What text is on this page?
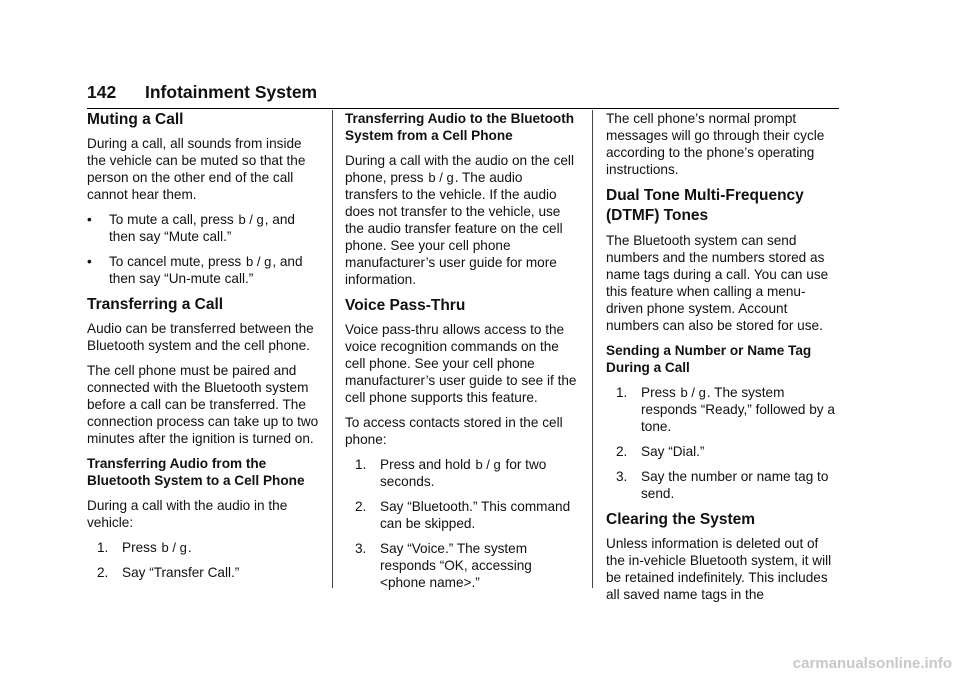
142 Infotainment System
Muting a Call

During a call, all sounds from inside the vehicle can be muted so that the person on the other end of the call cannot hear them.

•	To mute a call, press b / g, and then say “Mute call.”
•	To cancel mute, press b / g, and then say “Un-mute call.”
Transferring a Call

Audio can be transferred between the Bluetooth system and the cell phone.

The cell phone must be paired and connected with the Bluetooth system before a call can be transferred. The connection process can take up to two minutes after the ignition is turned on.

Transferring Audio from the Bluetooth System to a Cell Phone

During a call with the audio in the vehicle:

1.	Press b / g.
2.	Say “Transfer Call.”
Transferring Audio to the Bluetooth System from a Cell Phone

During a call with the audio on the cell phone, press b / g. The audio transfers to the vehicle. If the audio does not transfer to the vehicle, use the audio transfer feature on the cell phone. See your cell phone manufacturer’s user guide for more information.

Voice Pass-Thru

Voice pass-thru allows access to the voice recognition commands on the cell phone. See your cell phone manufacturer’s user guide to see if the cell phone supports this feature.

To access contacts stored in the cell phone:

1.	Press and hold b / g for two seconds.
2.	Say “Bluetooth.” This command can be skipped.
3.	Say “Voice.” The system responds “OK, accessing <phone name>.”

The cell phone’s normal prompt messages will go through their cycle according to the phone’s operating instructions.

Dual Tone Multi-Frequency (DTMF) Tones

The Bluetooth system can send numbers and the numbers stored as name tags during a call. You can use this feature when calling a menu-driven phone system. Account numbers can also be stored for use.

Sending a Number or Name Tag During a Call
1.	Press b / g. The system responds “Ready,” followed by a tone.
2.	Say “Dial.”
3.	Say the number or name tag to send.
Clearing the System

Unless information is deleted out of the in-vehicle Bluetooth system, it will be retained indefinitely. This includes all saved name tags in the

carmanualsonline.info
